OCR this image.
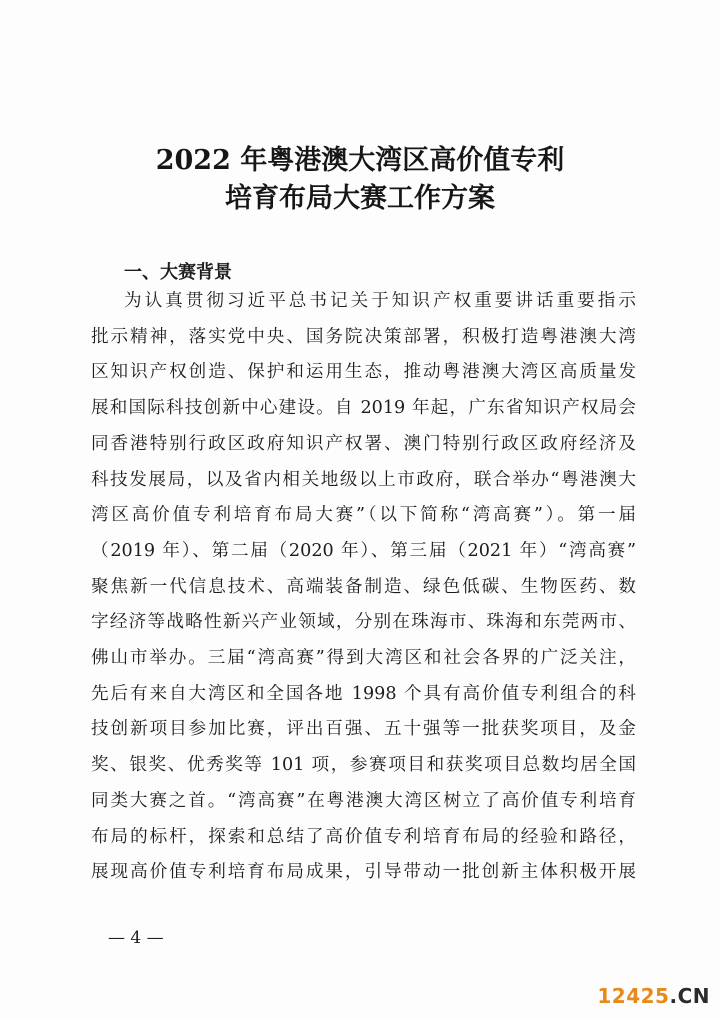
2022 年粤港澳大湾区高价值专利
培育布局大赛工作方案
一、大赛背景
为认真贯彻习近平总书记关于知识产权重要讲话重要指示
批示精神，落实党中央、国务院决策部署，积极打造粤港澳大湾
区知识产权创造、保护和运用生态，推动粤港澳大湾区高质量发
展和国际科技创新中心建设。自 2019 年起，广东省知识产权局会
同香港特别行政区政府知识产权署、澳门特别行政区政府经济及
科技发展局，以及省内相关地级以上市政府，联合举办“粤港澳大
湾区高价值专利培育布局大赛”（以下简称“湾高赛”）。第一届
（2019 年）、第二届（2020 年）、第三届（2021 年）“湾高赛”
聚焦新一代信息技术、高端装备制造、绿色低碳、生物医药、数
字经济等战略性新兴产业领域，分别在珠海市、珠海和东莞两市、
佛山市举办。三届“湾高赛”得到大湾区和社会各界的广泛关注，
先后有来自大湾区和全国各地 1998 个具有高价值专利组合的科
技创新项目参加比赛，评出百强、五十强等一批获奖项目，及金
奖、银奖、优秀奖等 101 项，参赛项目和获奖项目总数均居全国
同类大赛之首。“湾高赛”在粤港澳大湾区树立了高价值专利培育
布局的标杆，探索和总结了高价值专利培育布局的经验和路径，
展现高价值专利培育布局成果，引导带动一批创新主体积极开展
— 4 —
12425.CN
